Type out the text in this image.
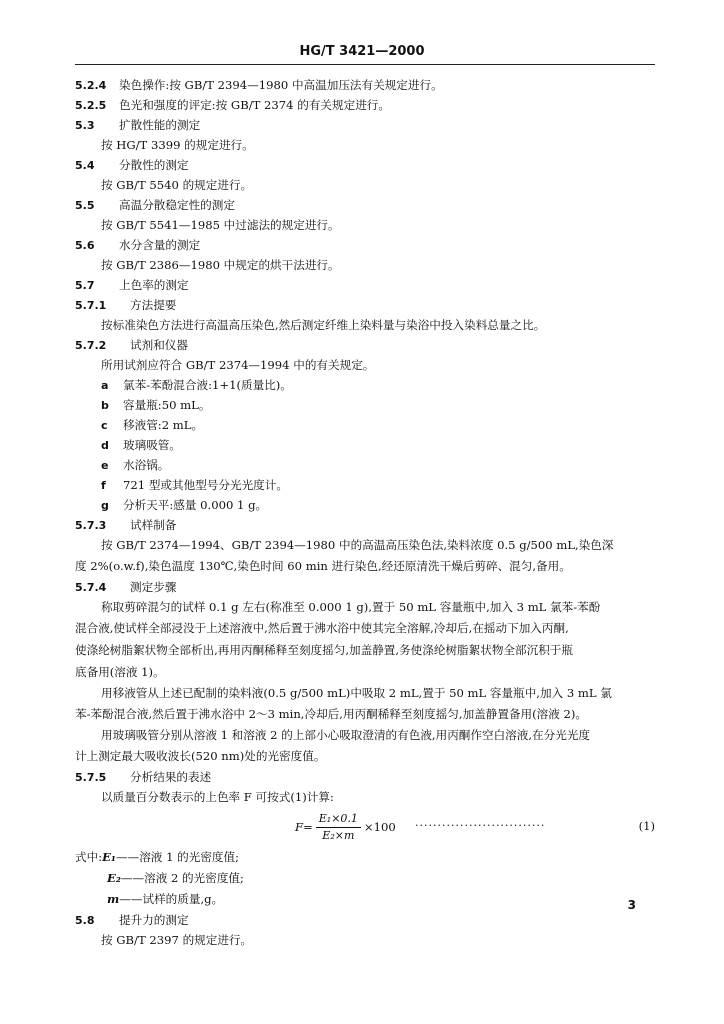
HG/T 3421—2000
5.2.4 染色操作:按 GB/T 2394—1980 中高温加压法有关规定进行。
5.2.5 色光和强度的评定:按 GB/T 2374 的有关规定进行。
5.3 扩散性能的测定
按 HG/T 3399 的规定进行。
5.4 分散性的测定
按 GB/T 5540 的规定进行。
5.5 高温分散稳定性的测定
按 GB/T 5541—1985 中过滤法的规定进行。
5.6 水分含量的测定
按 GB/T 2386—1980 中规定的烘干法进行。
5.7 上色率的测定
5.7.1 方法提要
按标准染色方法进行高温高压染色,然后测定纤维上染料量与染浴中投入染料总量之比。
5.7.2 试剂和仪器
所用试剂应符合 GB/T 2374—1994 中的有关规定。
a 氯苯-苯酚混合液:1+1(质量比)。
b 容量瓶:50 mL。
c 移液管:2 mL。
d 玻璃吸管。
e 水浴锅。
f 721 型或其他型号分光光度计。
g 分析天平:感量 0.000 1 g。
5.7.3 试样制备
按 GB/T 2374—1994、GB/T 2394—1980 中的高温高压染色法,染料浓度 0.5 g/500 mL,染色深
度 2%(o.w.f),染色温度 130℃,染色时间 60 min 进行染色,经还原清洗干燥后剪碎、混匀,备用。
5.7.4 测定步骤
称取剪碎混匀的试样 0.1 g 左右(称准至 0.000 1 g),置于 50 mL 容量瓶中,加入 3 mL 氯苯-苯酚
混合液,使试样全部浸没于上述溶液中,然后置于沸水浴中使其完全溶解,冷却后,在摇动下加入丙酮,
使涤纶树脂絮状物全部析出,再用丙酮稀释至刻度摇匀,加盖静置,务使涤纶树脂絮状物全部沉积于瓶
底备用(溶液 1)。
用移液管从上述已配制的染料液(0.5 g/500 mL)中吸取 2 mL,置于 50 mL 容量瓶中,加入 3 mL 氯
苯-苯酚混合液,然后置于沸水浴中 2～3 min,冷却后,用丙酮稀释至刻度摇匀,加盖静置备用(溶液 2)。
用玻璃吸管分别从溶液 1 和溶液 2 的上部小心吸取澄清的有色液,用丙酮作空白溶液,在分光光度
计上测定最大吸收波长(520 nm)处的光密度值。
5.7.5 分析结果的表述
以质量百分数表示的上色率 F 可按式(1)计算:
$F = \frac{\text{E₁×0.1}}{\text{E₂×m}} \times 100$ ·····························	(1)
式中:E₁——溶液 1 的光密度值;
E₂——溶液 2 的光密度值;
m——试样的质量,g。
5.8 提升力的测定
按 GB/T 2397 的规定进行。
3
